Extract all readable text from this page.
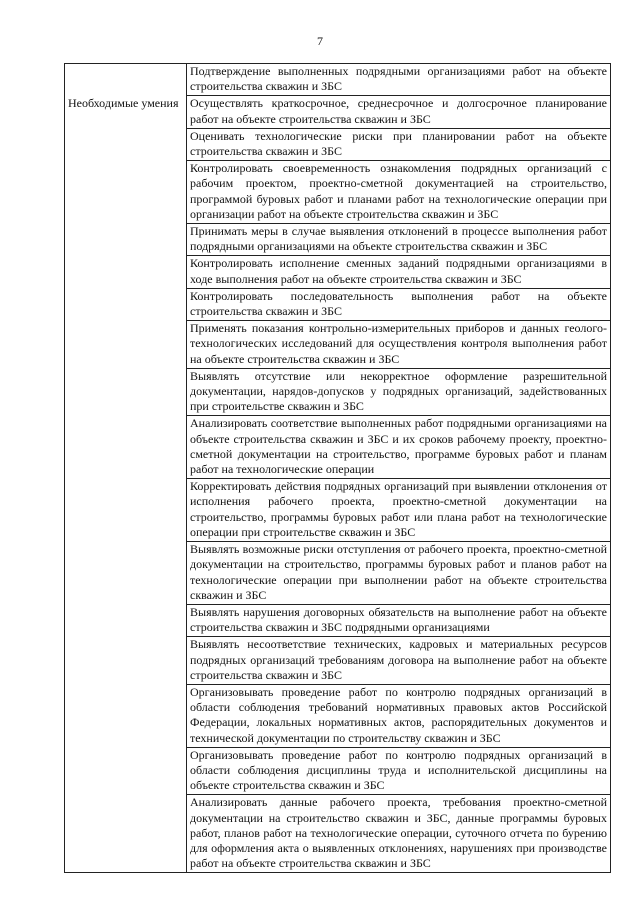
7
	Подтверждение выполненных подрядными организациями работ на объекте строительства скважин и ЗБС
Необходимые умения	Осуществлять краткосрочное, среднесрочное и долгосрочное планирование работ на объекте строительства скважин и ЗБС
	Оценивать технологические риски при планировании работ на объекте строительства скважин и ЗБС
	Контролировать своевременность ознакомления подрядных организаций с рабочим проектом, проектно-сметной документацией на строительство, программой буровых работ и планами работ на технологические операции при организации работ на объекте строительства скважин и ЗБС
	Принимать меры в случае выявления отклонений в процессе выполнения работ подрядными организациями на объекте строительства скважин и ЗБС
	Контролировать исполнение сменных заданий подрядными организациями в ходе выполнения работ на объекте строительства скважин и ЗБС
	Контролировать последовательность выполнения работ на объекте строительства скважин и ЗБС
	Применять показания контрольно-измерительных приборов и данных геолого-технологических исследований для осуществления контроля выполнения работ на объекте строительства скважин и ЗБС
	Выявлять отсутствие или некорректное оформление разрешительной документации, нарядов-допусков у подрядных организаций, задействованных при строительстве скважин и ЗБС
	Анализировать соответствие выполненных работ подрядными организациями на объекте строительства скважин и ЗБС и их сроков рабочему проекту, проектно-сметной документации на строительство, программе буровых работ и планам работ на технологические операции
	Корректировать действия подрядных организаций при выявлении отклонения от исполнения рабочего проекта, проектно-сметной документации на строительство, программы буровых работ или плана работ на технологические операции при строительстве скважин и ЗБС
	Выявлять возможные риски отступления от рабочего проекта, проектно-сметной документации на строительство, программы буровых работ и планов работ на технологические операции при выполнении работ на объекте строительства скважин и ЗБС
	Выявлять нарушения договорных обязательств на выполнение работ на объекте строительства скважин и ЗБС подрядными организациями
	Выявлять несоответствие технических, кадровых и материальных ресурсов подрядных организаций требованиям договора на выполнение работ на объекте строительства скважин и ЗБС
	Организовывать проведение работ по контролю подрядных организаций в области соблюдения требований нормативных правовых актов Российской Федерации, локальных нормативных актов, распорядительных документов и технической документации по строительству скважин и ЗБС
	Организовывать проведение работ по контролю подрядных организаций в области соблюдения дисциплины труда и исполнительской дисциплины на объекте строительства скважин и ЗБС
	Анализировать данные рабочего проекта, требования проектно-сметной документации на строительство скважин и ЗБС, данные программы буровых работ, планов работ на технологические операции, суточного отчета по бурению для оформления акта о выявленных отклонениях, нарушениях при производстве работ на объекте строительства скважин и ЗБС
